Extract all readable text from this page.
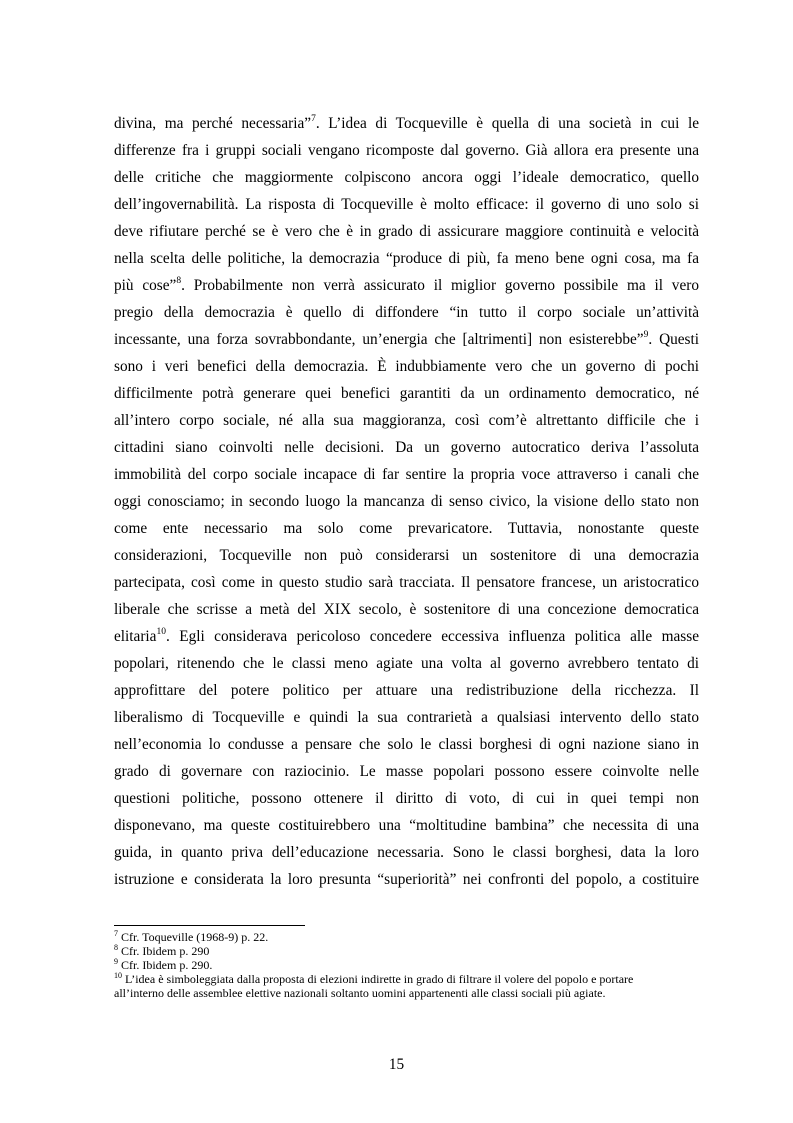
divina, ma perché necessaria”$^7$. L’idea di Tocqueville è quella di una società in cui le
differenze fra i gruppi sociali vengano ricomposte dal governo. Già allora era presente una
delle critiche che maggiormente colpiscono ancora oggi l’ideale democratico, quello
dell’ingovernabilità. La risposta di Tocqueville è molto efficace: il governo di uno solo si
deve rifiutare perché se è vero che è in grado di assicurare maggiore continuità e velocità
nella scelta delle politiche, la democrazia “produce di più, fa meno bene ogni cosa, ma fa
più cose”$^8$. Probabilmente non verrà assicurato il miglior governo possibile ma il vero
pregio della democrazia è quello di diffondere “in tutto il corpo sociale un’attività
incessante, una forza sovrabbondante, un’energia che [altrimenti] non esisterebbe”$^9$. Questi
sono i veri benefici della democrazia. È indubbiamente vero che un governo di pochi
difficilmente potrà generare quei benefici garantiti da un ordinamento democratico, né
all’intero corpo sociale, né alla sua maggioranza, così com’è altrettanto difficile che i
cittadini siano coinvolti nelle decisioni. Da un governo autocratico deriva l’assoluta
immobilità del corpo sociale incapace di far sentire la propria voce attraverso i canali che
oggi conosciamo; in secondo luogo la mancanza di senso civico, la visione dello stato non
come ente necessario ma solo come prevaricatore. Tuttavia, nonostante queste
considerazioni, Tocqueville non può considerarsi un sostenitore di una democrazia
partecipata, così come in questo studio sarà tracciata. Il pensatore francese, un aristocratico
liberale che scrisse a metà del XIX secolo, è sostenitore di una concezione democratica
elitaria$^{10}$. Egli considerava pericoloso concedere eccessiva influenza politica alle masse
popolari, ritenendo che le classi meno agiate una volta al governo avrebbero tentato di
approfittare del potere politico per attuare una redistribuzione della ricchezza. Il
liberalismo di Tocqueville e quindi la sua contrarietà a qualsiasi intervento dello stato
nell’economia lo condusse a pensare che solo le classi borghesi di ogni nazione siano in
grado di governare con raziocinio. Le masse popolari possono essere coinvolte nelle
questioni politiche, possono ottenere il diritto di voto, di cui in quei tempi non
disponevano, ma queste costituirebbero una “moltitudine bambina” che necessita di una
guida, in quanto priva dell’educazione necessaria. Sono le classi borghesi, data la loro
istruzione e considerata la loro presunta “superiorità” nei confronti del popolo, a costituire
$^7$ Cfr. Toqueville (1968-9) p. 22.
$^8$ Cfr. Ibidem p. 290
$^9$ Cfr. Ibidem p. 290.
$^{10}$ L’idea è simboleggiata dalla proposta di elezioni indirette in grado di filtrare il volere del popolo e portare
all’interno delle assemblee elettive nazionali soltanto uomini appartenenti alle classi sociali più agiate.
15
